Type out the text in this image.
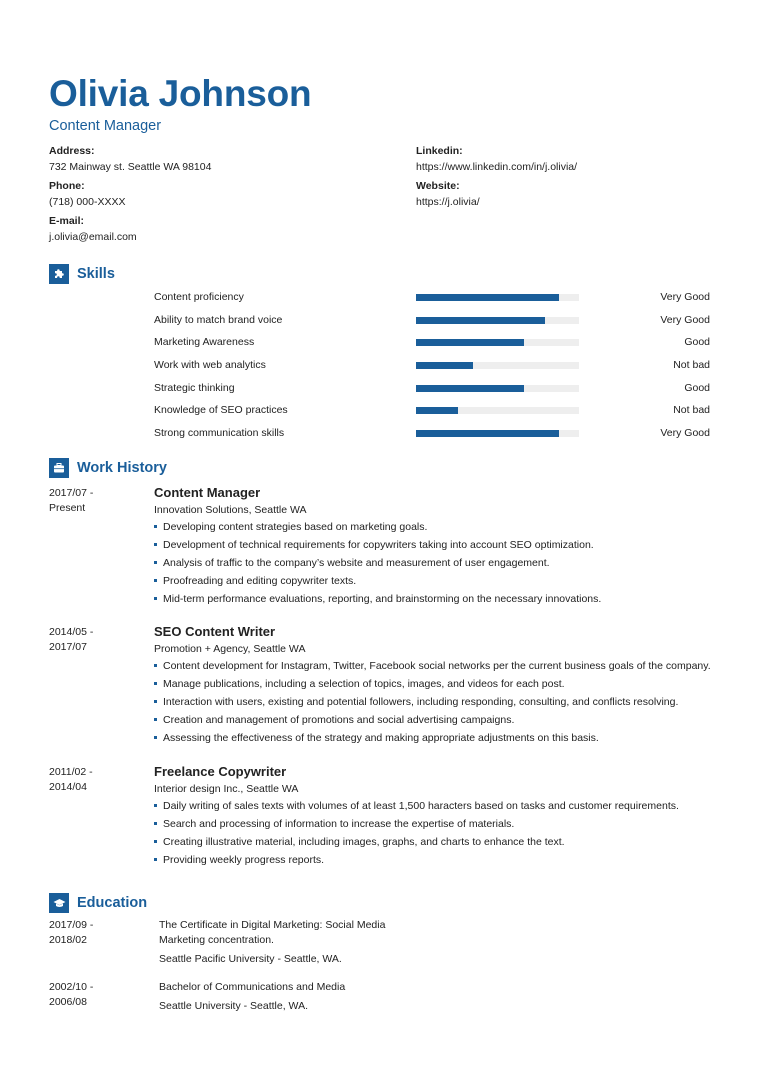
Olivia Johnson
Content Manager
Address:
732 Mainway st. Seattle WA 98104
Phone:
(718) 000-XXXX
E-mail:
j.olivia@email.com
Linkedin:
https://www.linkedin.com/in/j.olivia/
Website:
https://j.olivia/
Skills
Content proficiency	Very Good
Ability to match brand voice	Very Good
Marketing Awareness	Good
Work with web analytics	Not bad
Strategic thinking	Good
Knowledge of SEO practices	Not bad
Strong communication skills	Very Good
Work History
2017/07 -
Present
Content Manager
Innovation Solutions, Seattle WA
Developing content strategies based on marketing goals.
Development of technical requirements for copywriters taking into account SEO optimization.
Analysis of traffic to the company’s website and measurement of user engagement.
Proofreading and editing copywriter texts.
Mid-term performance evaluations, reporting, and brainstorming on the necessary innovations.
2014/05 -
2017/07
SEO Content Writer
Promotion + Agency, Seattle WA
Content development for Instagram, Twitter, Facebook social networks per the current business goals of the company.
Manage publications, including a selection of topics, images, and videos for each post.
Interaction with users, existing and potential followers, including responding, consulting, and conflicts resolving.
Creation and management of promotions and social advertising campaigns.
Assessing the effectiveness of the strategy and making appropriate adjustments on this basis.
2011/02 -
2014/04
Freelance Copywriter
Interior design Inc., Seattle WA
Daily writing of sales texts with volumes of at least 1,500 haracters based on tasks and customer requirements.
Search and processing of information to increase the expertise of materials.
Creating illustrative material, including images, graphs, and charts to enhance the text.
Providing weekly progress reports.
Education
2017/09 -
2018/02
The Certificate in Digital Marketing: Social Media
Marketing concentration.
Seattle Pacific University - Seattle, WA.
2002/10 -
2006/08
Bachelor of Communications and Media
Seattle University - Seattle, WA.
